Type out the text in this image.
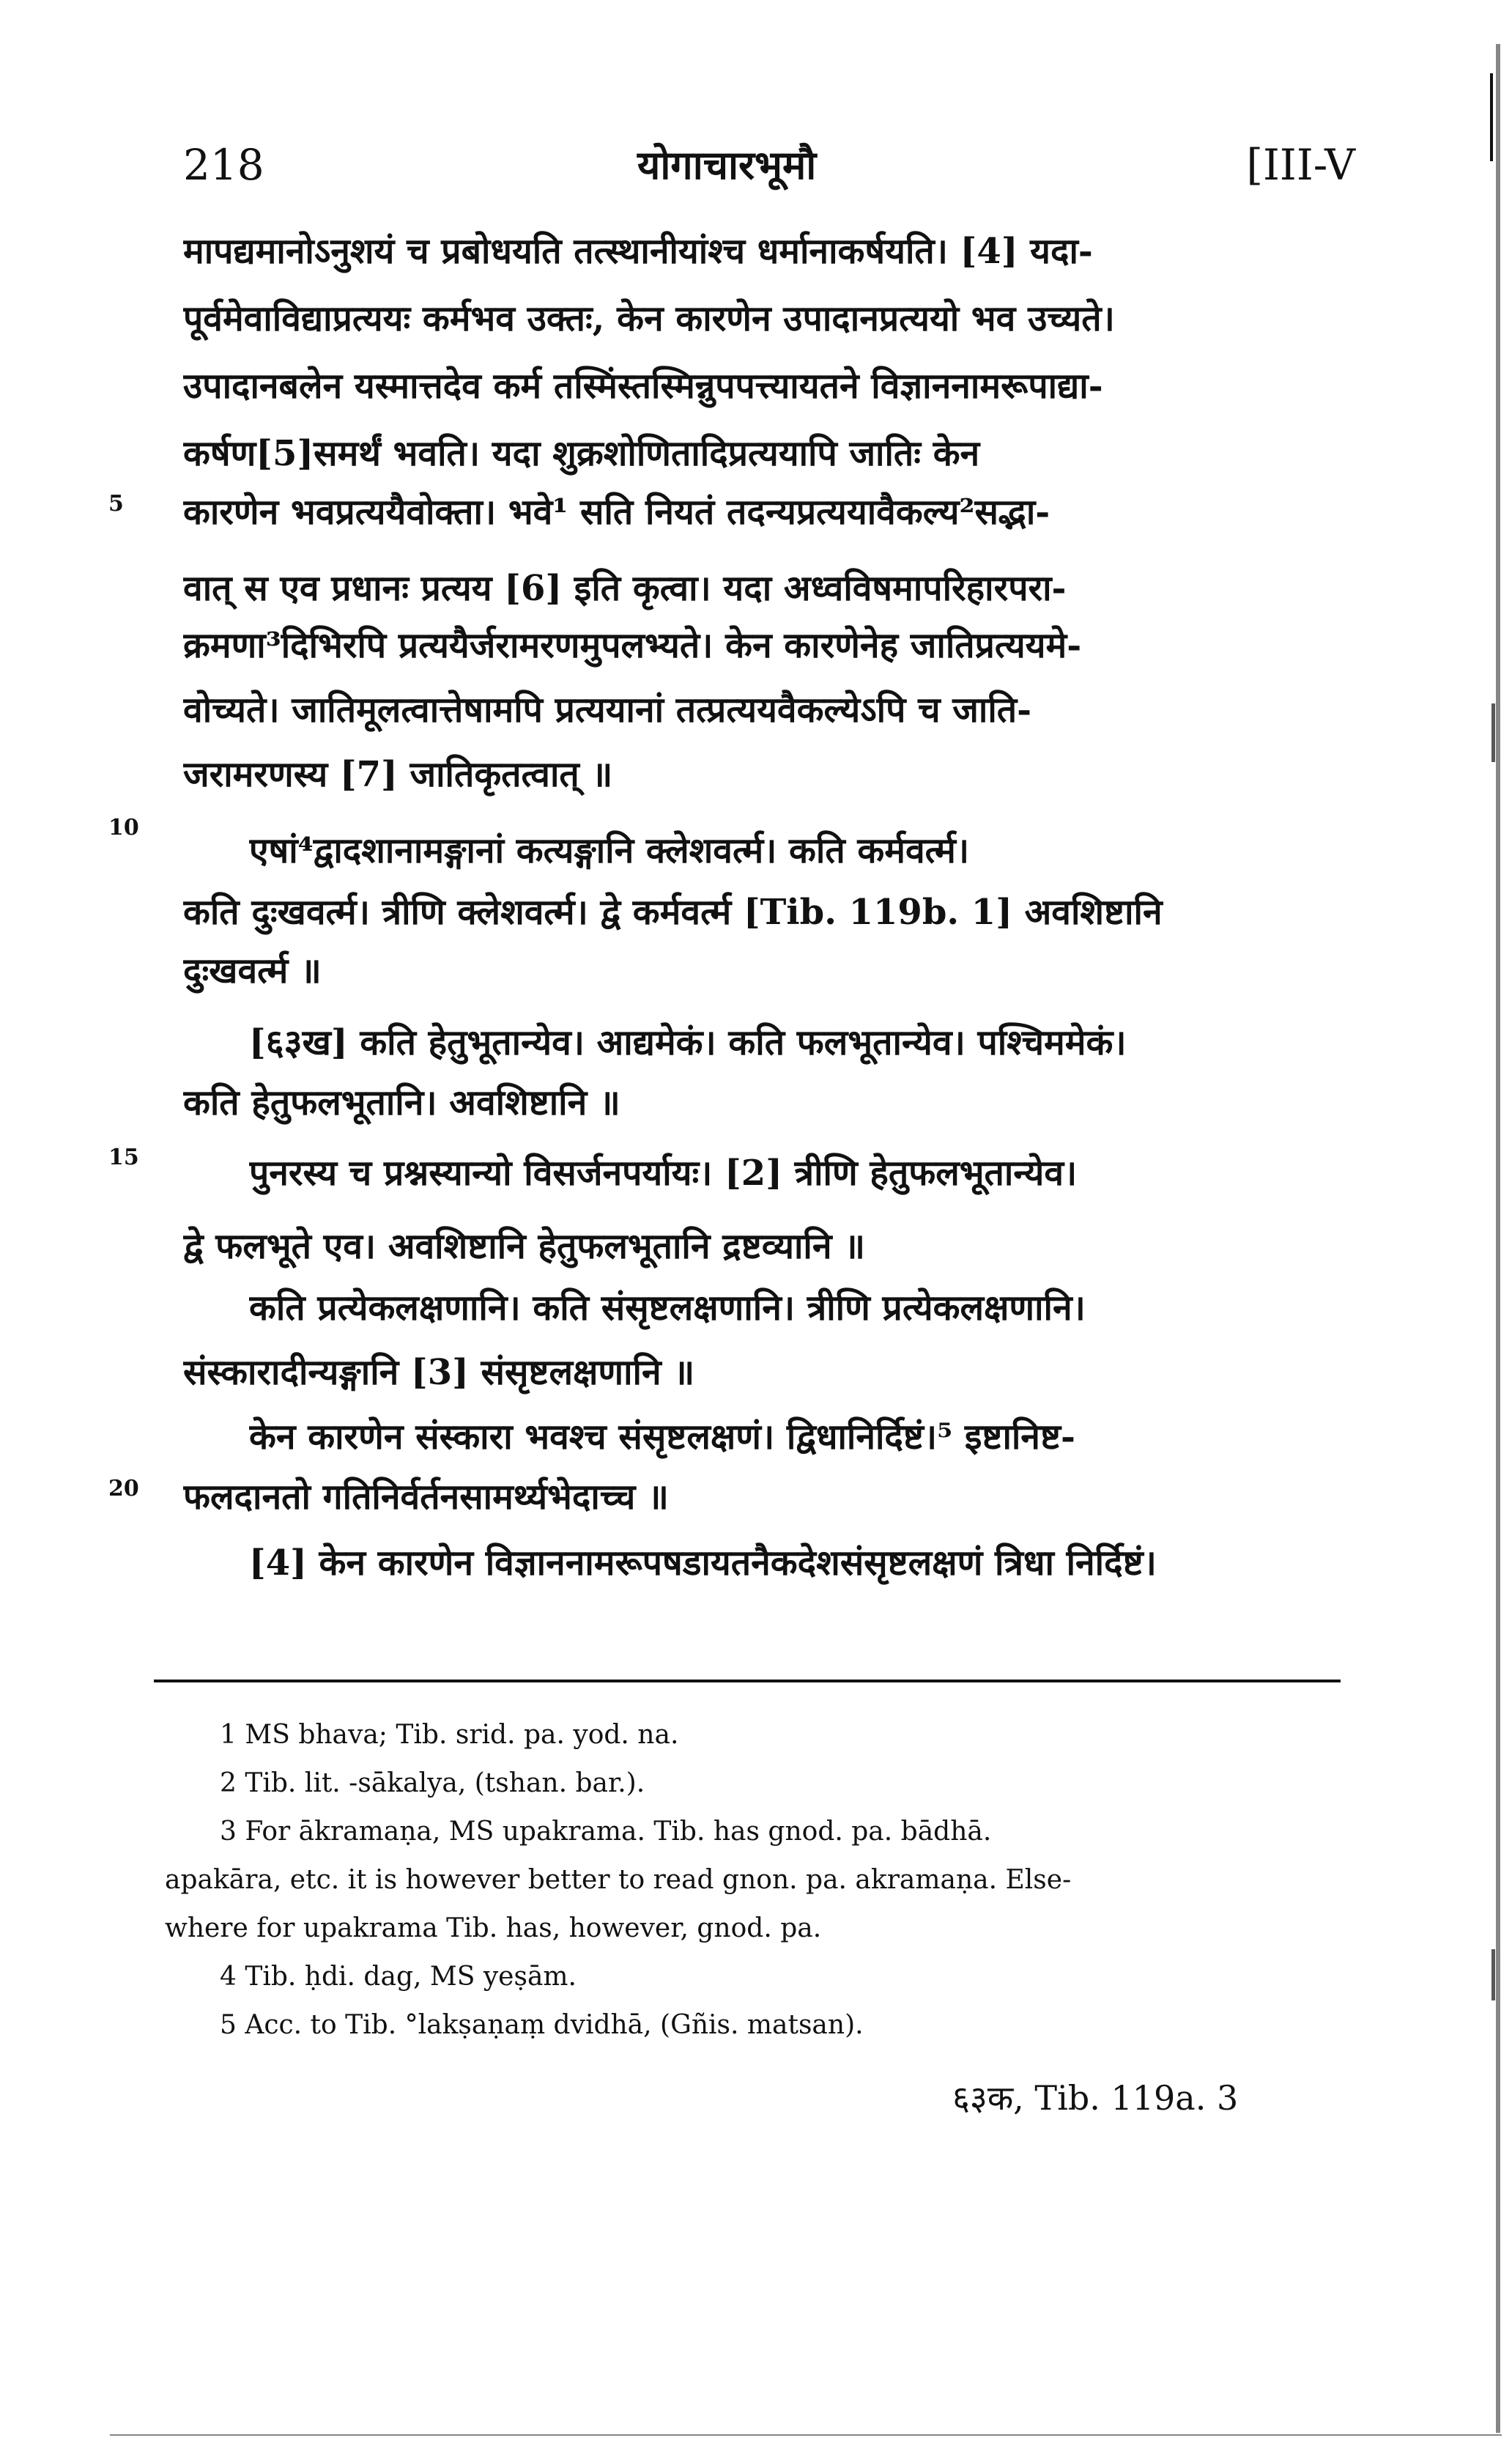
218	योगाचारभूमौ	[III-V
मापद्यमानोऽनुशयं च प्रबोधयति तत्स्थानीयांश्च धर्मानाकर्षयति। [4] यदा-
पूर्वमेवाविद्याप्रत्ययः कर्मभव उक्तः, केन कारणेन उपादानप्रत्ययो भव उच्यते।
उपादानबलेन यस्मात्तदेव कर्म तस्मिंस्तस्मिन्नुपपत्त्यायतने विज्ञाननामरूपाद्या-
कर्षण[5]समर्थं भवति। यदा शुक्रशोणितादिप्रत्ययापि जातिः केन
5 कारणेन भवप्रत्ययैवोक्ता। भवे¹ सति नियतं तदन्यप्रत्ययावैकल्य²सद्भा-
वात् स एव प्रधानः प्रत्यय [6] इति कृत्वा। यदा अध्वविषमापरिहारपरा-
क्रमणा³दिभिरपि प्रत्ययैर्जरामरणमुपलभ्यते। केन कारणेनेह जातिप्रत्ययमे-
वोच्यते। जातिमूलत्वात्तेषामपि प्रत्ययानां तत्प्रत्ययवैकल्येऽपि च जाति-
जरामरणस्य [7] जातिकृतत्वात् ॥
10
एषां⁴द्वादशानामङ्गानां कत्यङ्गानि क्लेशवर्त्म। कति कर्मवर्त्म।
कति दुःखवर्त्म। त्रीणि क्लेशवर्त्म। द्वे कर्मवर्त्म [Tib. 119b. 1] अवशिष्टानि
दुःखवर्त्म ॥
[६३ख] कति हेतुभूतान्येव। आद्यमेकं। कति फलभूतान्येव। पश्चिममेकं।
कति हेतुफलभूतानि। अवशिष्टानि ॥
15	पुनरस्य च प्रश्नस्यान्यो विसर्जनपर्यायः। [2] त्रीणि हेतुफलभूतान्येव।
द्वे फलभूते एव। अवशिष्टानि हेतुफलभूतानि द्रष्टव्यानि ॥
कति प्रत्येकलक्षणानि। कति संसृष्टलक्षणानि। त्रीणि प्रत्येकलक्षणानि।
संस्कारादीन्यङ्गानि [3] संसृष्टलक्षणानि ॥
केन कारणेन संस्कारा भवश्च संसृष्टलक्षणं। द्विधानिर्दिष्टं।⁵ इष्टानिष्ट-
20 फलदानतो गतिनिर्वर्तनसामर्थ्यभेदाच्च ॥
[4] केन कारणेन विज्ञाननामरूपषडायतनैकदेशसंसृष्टलक्षणं त्रिधा निर्दिष्टं।
1 MS bhava; Tib. srid. pa. yod. na.
2 Tib. lit. -sākalya, (tshan. bar.).
3 For ākramaṇa, MS upakrama. Tib. has gnod. pa. bādhā.
apakāra, etc. it is however better to read gnon. pa. akramaṇa. Else-
where for upakrama Tib. has, however, gnod. pa.
4 Tib. ḥdi. dag, MS yeṣām.
5 Acc. to Tib. °lakṣaṇaṃ dvidhā, (Gñis. matsan).
६३क, Tib. 119a. 3
